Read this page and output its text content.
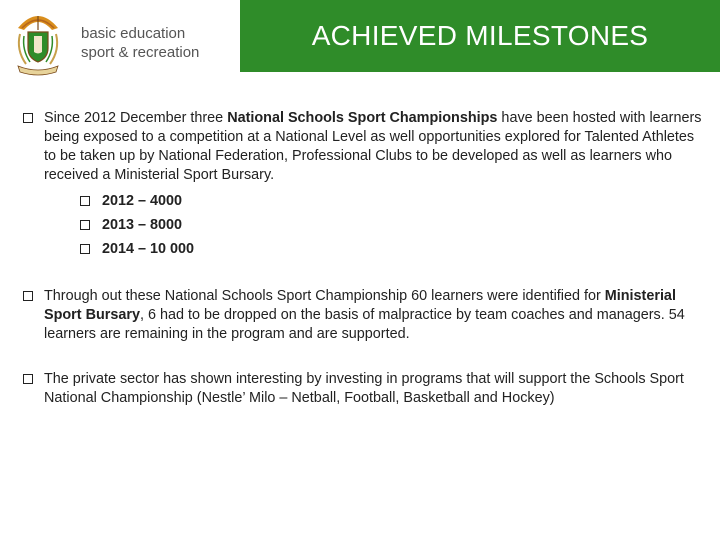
basic education
sport & recreation
ACHIEVED MILESTONES

Since 2012 December three National Schools Sport Championships have been hosted with learners being exposed to a competition at a National Level as well opportunities explored for Talented Athletes to be taken up by National Federation, Professional Clubs to be developed as well as learners who received a Ministerial Sport Bursary.

2012 – 4000
2013 – 8000
2014 – 10 000

Through out these National Schools Sport Championship 60 learners were identified for Ministerial Sport Bursary, 6 had to be dropped on the basis of malpractice by team coaches and managers. 54 learners are remaining in the program and are supported.

The private sector has shown interesting by investing in programs that will support the Schools Sport National Championship (Nestle’ Milo – Netball, Football, Basketball and Hockey)
